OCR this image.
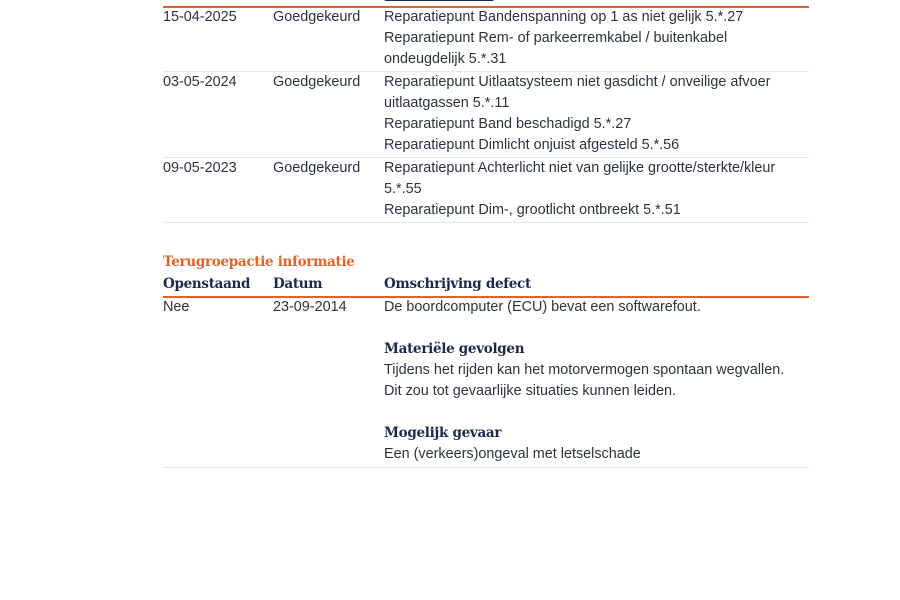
15-04-2025	Goedgekeurd Reparatiepunt Bandenspanning op 1 as niet gelijk 5.*.27
Reparatiepunt Rem- of parkeerremkabel / buitenkabel ondeugdelijk 5.*.31
03-05-2024	Goedgekeurd Reparatiepunt Uitlaatsysteem niet gasdicht / onveilige afvoer uitlaatgassen 5.*.11
Reparatiepunt Band beschadigd 5.*.27
Reparatiepunt Dimlicht onjuist afgesteld 5.*.56
09-05-2023	Goedgekeurd Reparatiepunt Achterlicht niet van gelijke grootte/sterkte/kleur 5.*.55
Reparatiepunt Dim-, grootlicht ontbreekt 5.*.51
Terugroepactie informatie
Openstaand Datum	Omschrijving defect
Nee	23-09-2014	De boordcomputer (ECU) bevat een softwarefout.
Materiële gevolgen
Tijdens het rijden kan het motorvermogen spontaan wegvallen. Dit zou tot gevaarlijke situaties kunnen leiden.
Mogelijk gevaar
Een (verkeers)ongeval met letselschade
